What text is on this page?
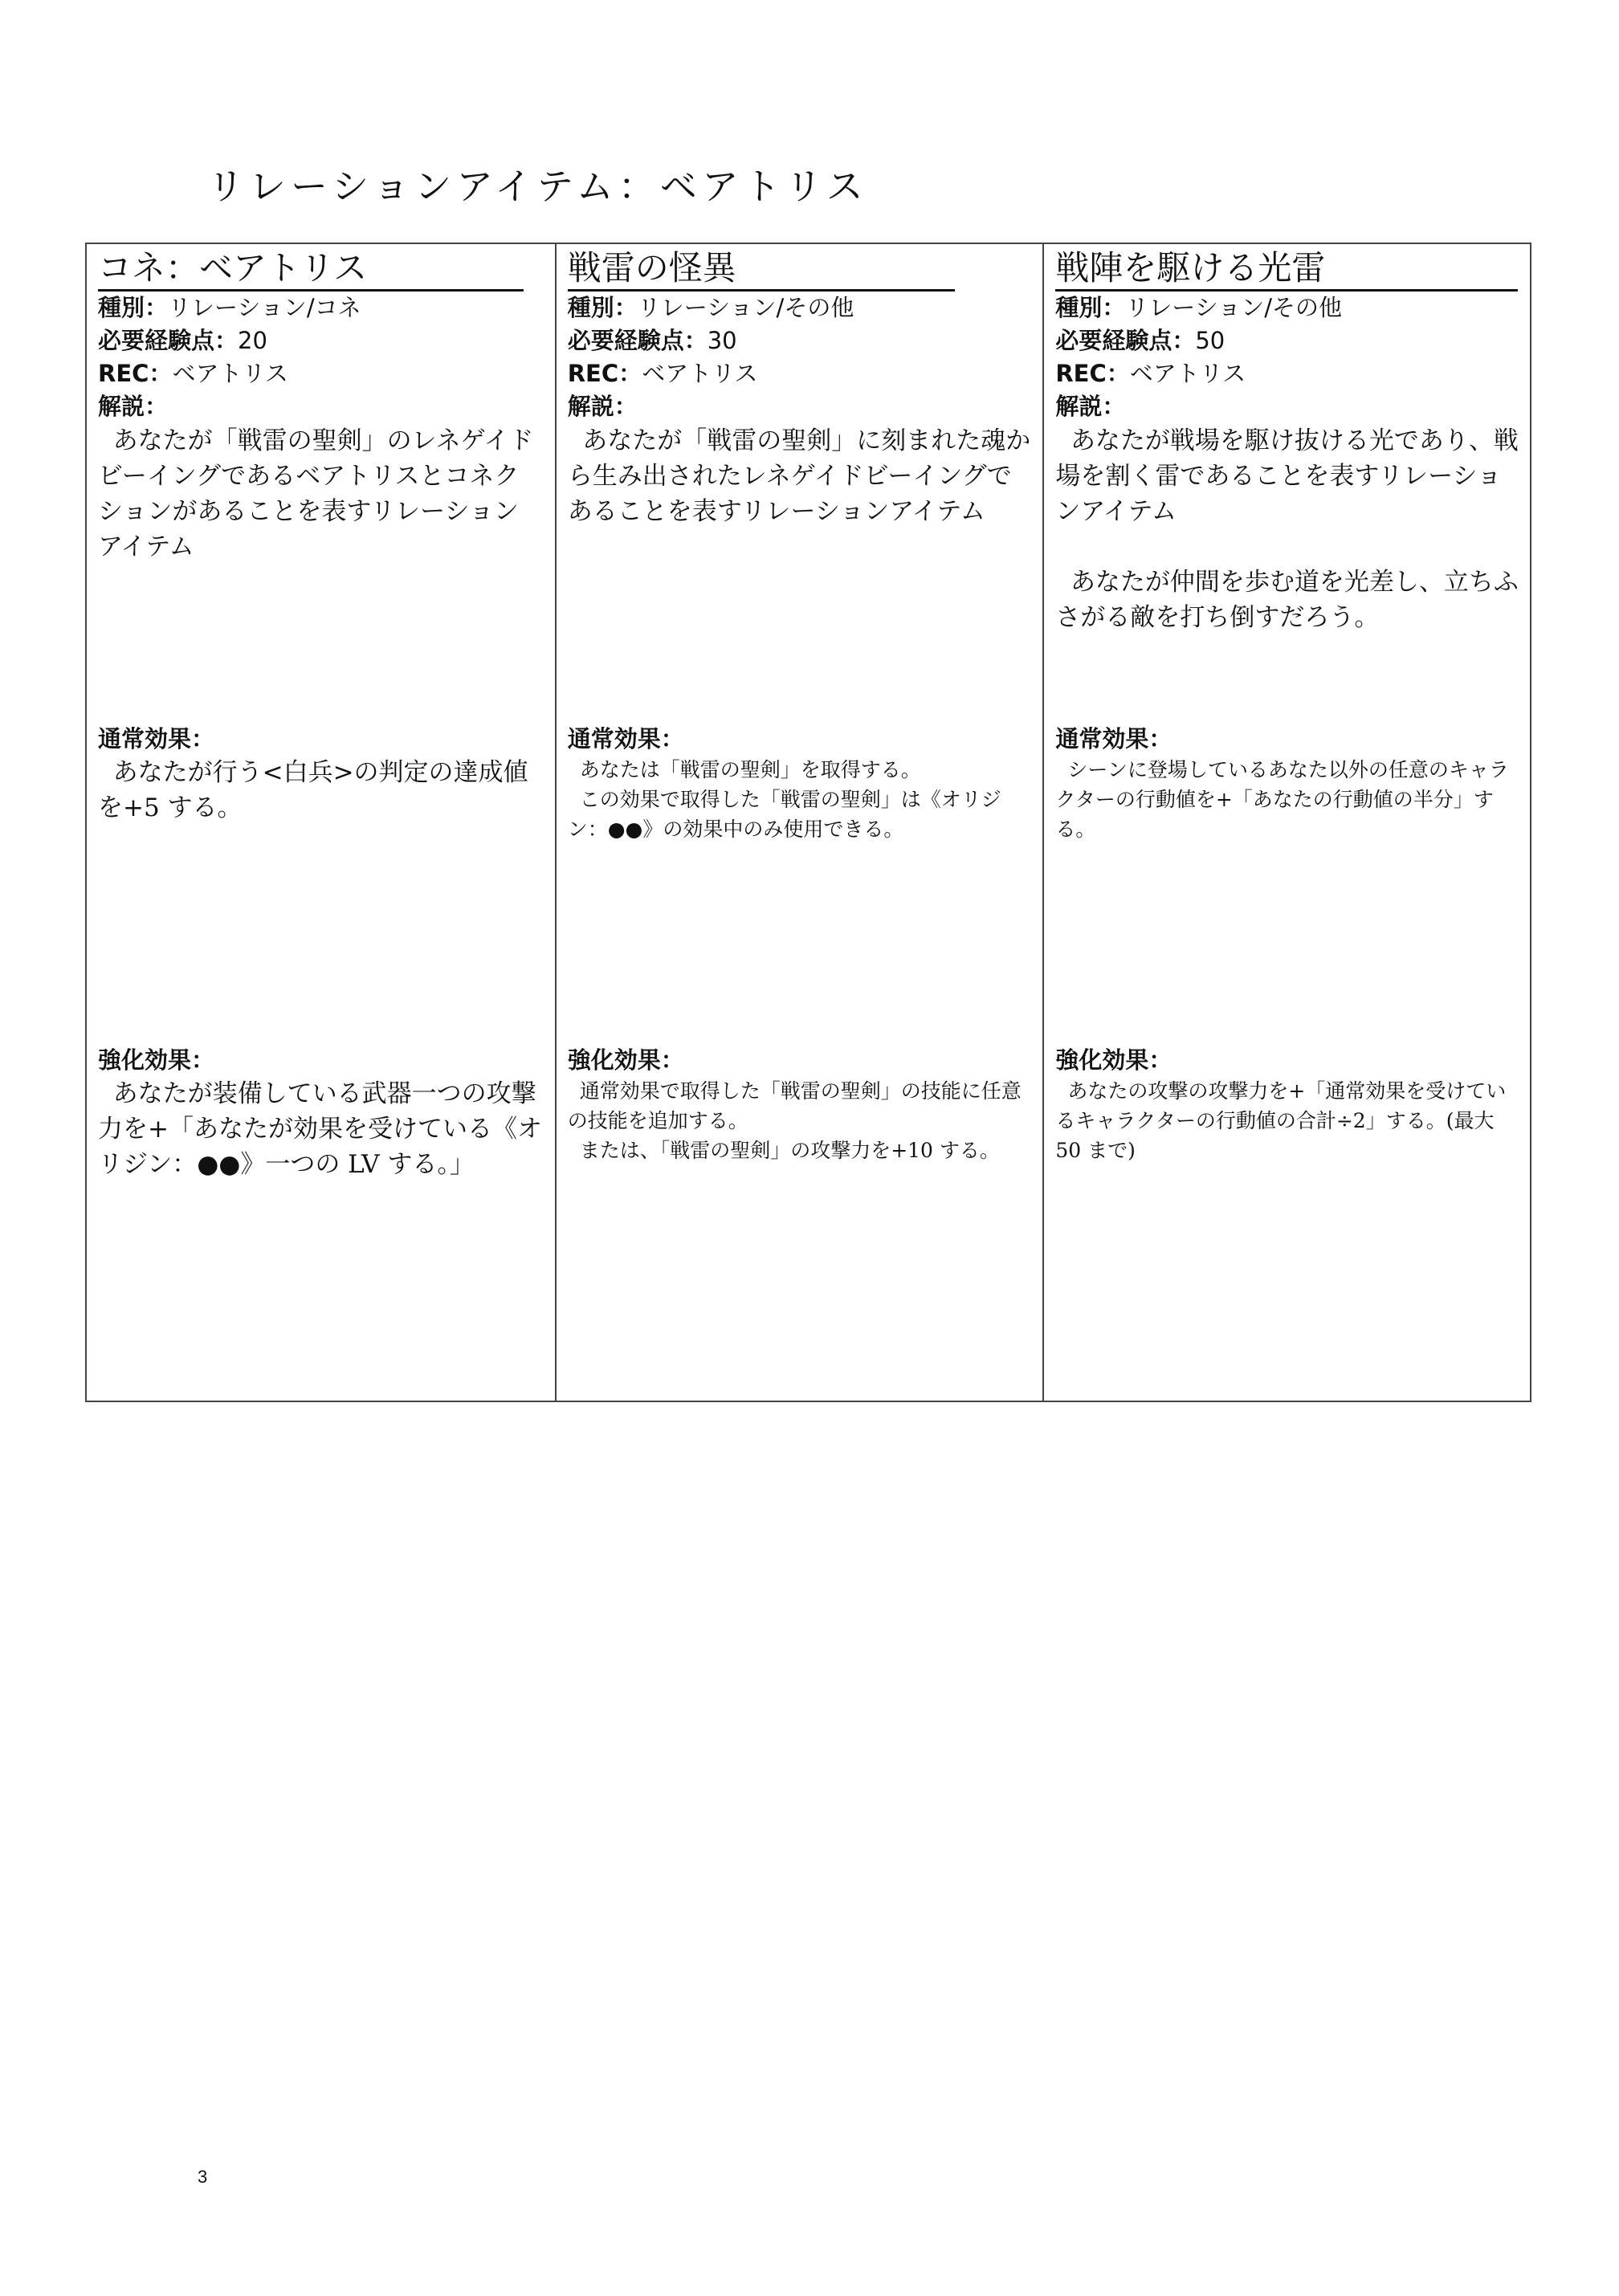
リレーションアイテム：ベアトリス
コネ：ベアトリス
種別：リレーション/コネ
必要経験点：20
REC：ベアトリス
解説：

あなたが「戦雷の聖剣」のレネゲイドビーイングであるベアトリスとコネクションがあることを表すリレーションアイテム

通常効果：

あなたが行う<白兵>の判定の達成値を+5 する。

強化効果：

あなたが装備している武器一つの攻撃力を+「あなたが効果を受けている《オリジン：●●》一つの LV する。」

戦雷の怪異
種別：リレーション/その他
必要経験点：30
REC：ベアトリス
解説：

あなたが「戦雷の聖剣」に刻まれた魂から生み出されたレネゲイドビーイングであることを表すリレーションアイテム

通常効果：

あなたは「戦雷の聖剣」を取得する。

この効果で取得した「戦雷の聖剣」は《オリジン：●●》の効果中のみ使用できる。

強化効果：

通常効果で取得した「戦雷の聖剣」の技能に任意の技能を追加する。

または、「戦雷の聖剣」の攻撃力を+10 する。

戦陣を駆ける光雷
種別：リレーション/その他
必要経験点：50
REC：ベアトリス
解説：

あなたが戦場を駆け抜ける光であり、戦場を割く雷であることを表すリレーションアイテム

あなたが仲間を歩む道を光差し、立ちふさがる敵を打ち倒すだろう。

通常効果：

シーンに登場しているあなた以外の任意のキャラクターの行動値を+「あなたの行動値の半分」する。

強化効果：

あなたの攻撃の攻撃力を+「通常効果を受けているキャラクターの行動値の合計÷2」する。(最大 50 まで)

3
